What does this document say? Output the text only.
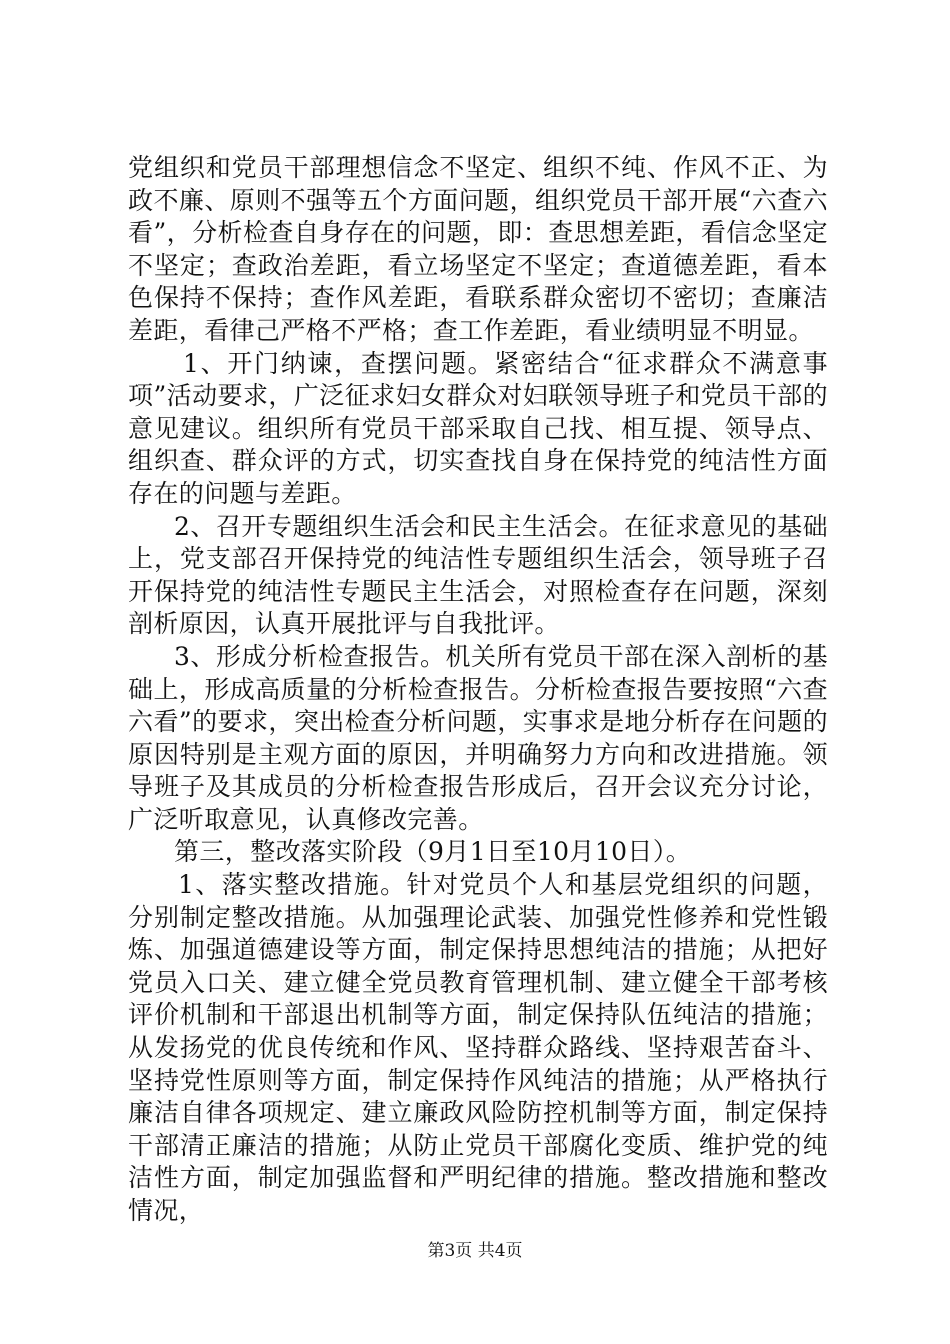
党组织和党员干部理想信念不坚定、组织不纯、作风不正、为政不廉、原则不强等五个方面问题，组织党员干部开展“六查六看”，分析检查自身存在的问题，即：查思想差距，看信念坚定不坚定；查政治差距，看立场坚定不坚定；查道德差距，看本色保持不保持；查作风差距，看联系群众密切不密切；查廉洁差距，看律己严格不严格；查工作差距，看业绩明显不明显。

1、开门纳谏，查摆问题。紧密结合“征求群众不满意事项”活动要求，广泛征求妇女群众对妇联领导班子和党员干部的意见建议。组织所有党员干部采取自己找、相互提、领导点、组织查、群众评的方式，切实查找自身在保持党的纯洁性方面存在的问题与差距。

2、召开专题组织生活会和民主生活会。在征求意见的基础上，党支部召开保持党的纯洁性专题组织生活会，领导班子召开保持党的纯洁性专题民主生活会，对照检查存在问题，深刻剖析原因，认真开展批评与自我批评。

3、形成分析检查报告。机关所有党员干部在深入剖析的基础上，形成高质量的分析检查报告。分析检查报告要按照“六查六看”的要求，突出检查分析问题，实事求是地分析存在问题的原因特别是主观方面的原因，并明确努力方向和改进措施。领导班子及其成员的分析检查报告形成后，召开会议充分讨论，广泛听取意见，认真修改完善。

第三，整改落实阶段（9月1日至10月10日）。

1、落实整改措施。针对党员个人和基层党组织的问题，分别制定整改措施。从加强理论武装、加强党性修养和党性锻炼、加强道德建设等方面，制定保持思想纯洁的措施；从把好党员入口关、建立健全党员教育管理机制、建立健全干部考核评价机制和干部退出机制等方面，制定保持队伍纯洁的措施；从发扬党的优良传统和作风、坚持群众路线、坚持艰苦奋斗、坚持党性原则等方面，制定保持作风纯洁的措施；从严格执行廉洁自律各项规定、建立廉政风险防控机制等方面，制定保持干部清正廉洁的措施；从防止党员干部腐化变质、维护党的纯洁性方面，制定加强监督和严明纪律的措施。整改措施和整改情况，

第3页 共4页
